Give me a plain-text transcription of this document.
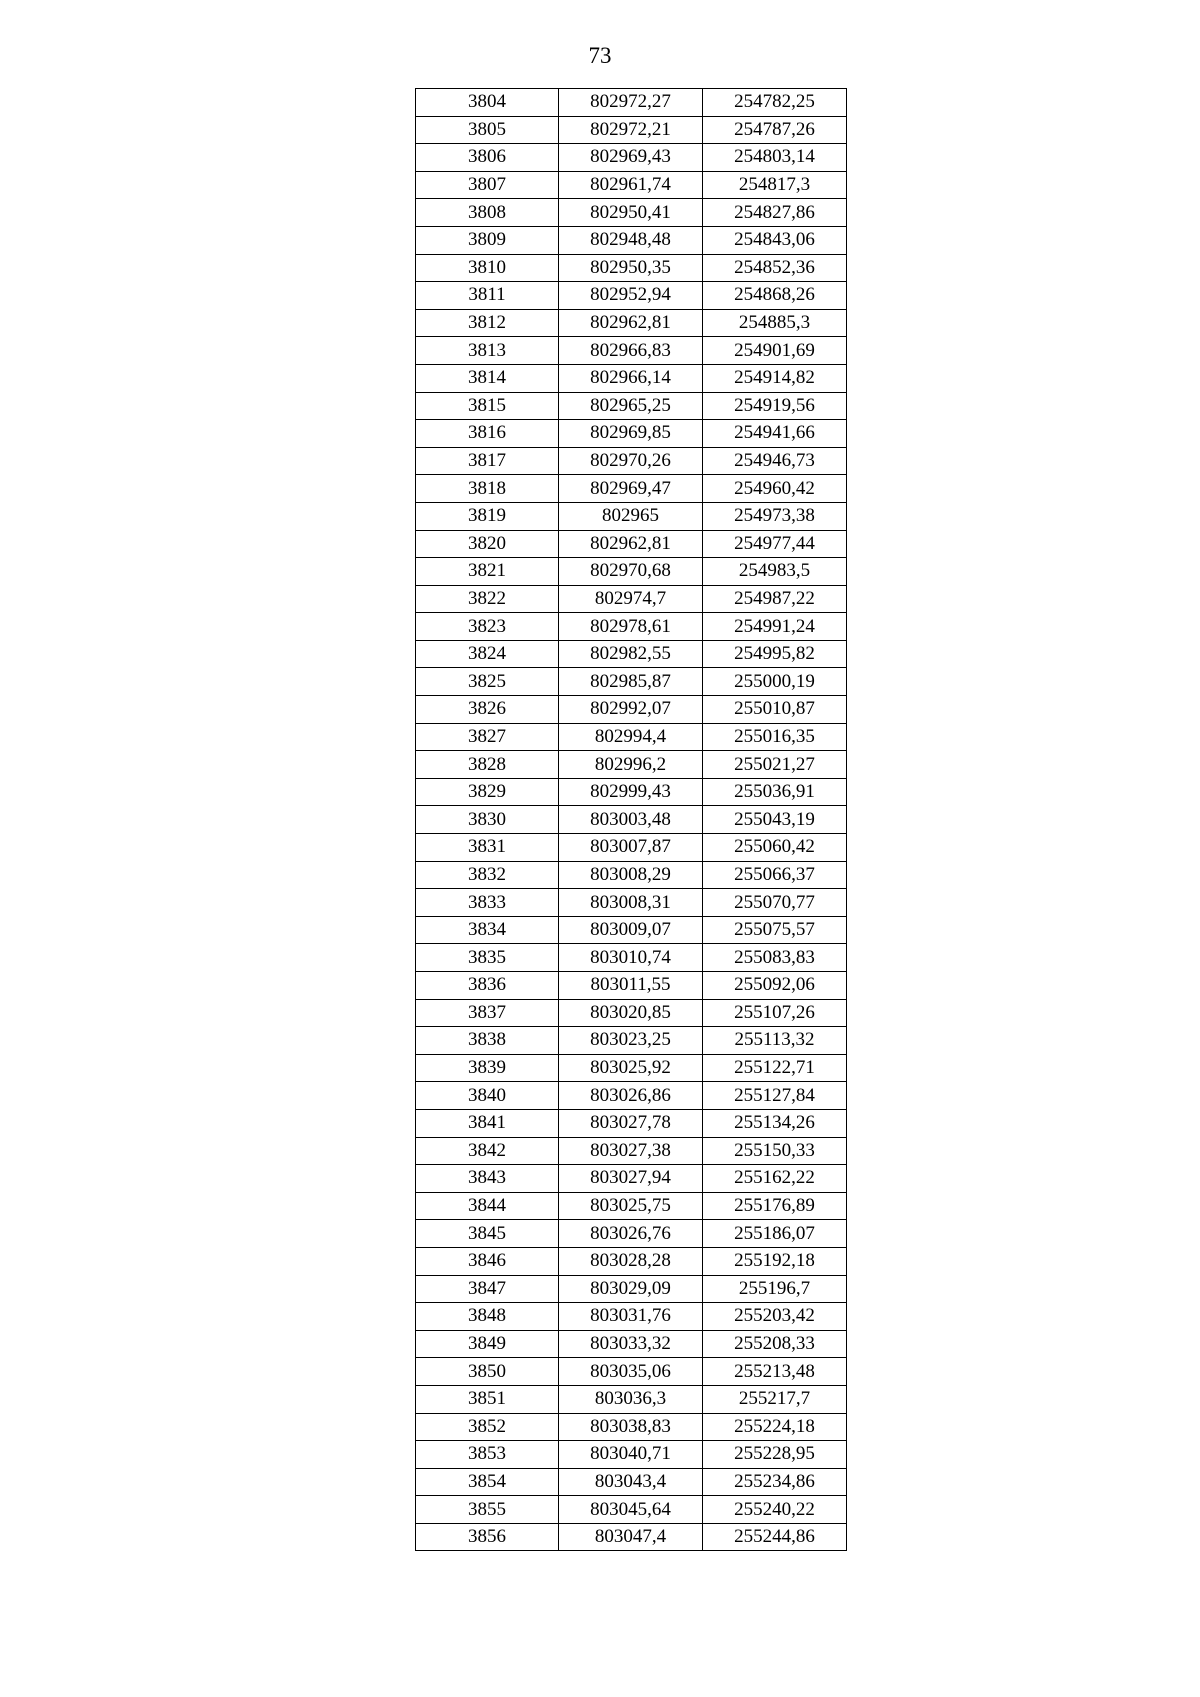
73
3804	802972,27	254782,25
3805	802972,21	254787,26
3806	802969,43	254803,14
3807	802961,74	254817,3
3808	802950,41	254827,86
3809	802948,48	254843,06
3810	802950,35	254852,36
3811	802952,94	254868,26
3812	802962,81	254885,3
3813	802966,83	254901,69
3814	802966,14	254914,82
3815	802965,25	254919,56
3816	802969,85	254941,66
3817	802970,26	254946,73
3818	802969,47	254960,42
3819	802965	254973,38
3820	802962,81	254977,44
3821	802970,68	254983,5
3822	802974,7	254987,22
3823	802978,61	254991,24
3824	802982,55	254995,82
3825	802985,87	255000,19
3826	802992,07	255010,87
3827	802994,4	255016,35
3828	802996,2	255021,27
3829	802999,43	255036,91
3830	803003,48	255043,19
3831	803007,87	255060,42
3832	803008,29	255066,37
3833	803008,31	255070,77
3834	803009,07	255075,57
3835	803010,74	255083,83
3836	803011,55	255092,06
3837	803020,85	255107,26
3838	803023,25	255113,32
3839	803025,92	255122,71
3840	803026,86	255127,84
3841	803027,78	255134,26
3842	803027,38	255150,33
3843	803027,94	255162,22
3844	803025,75	255176,89
3845	803026,76	255186,07
3846	803028,28	255192,18
3847	803029,09	255196,7
3848	803031,76	255203,42
3849	803033,32	255208,33
3850	803035,06	255213,48
3851	803036,3	255217,7
3852	803038,83	255224,18
3853	803040,71	255228,95
3854	803043,4	255234,86
3855	803045,64	255240,22
3856	803047,4	255244,86
